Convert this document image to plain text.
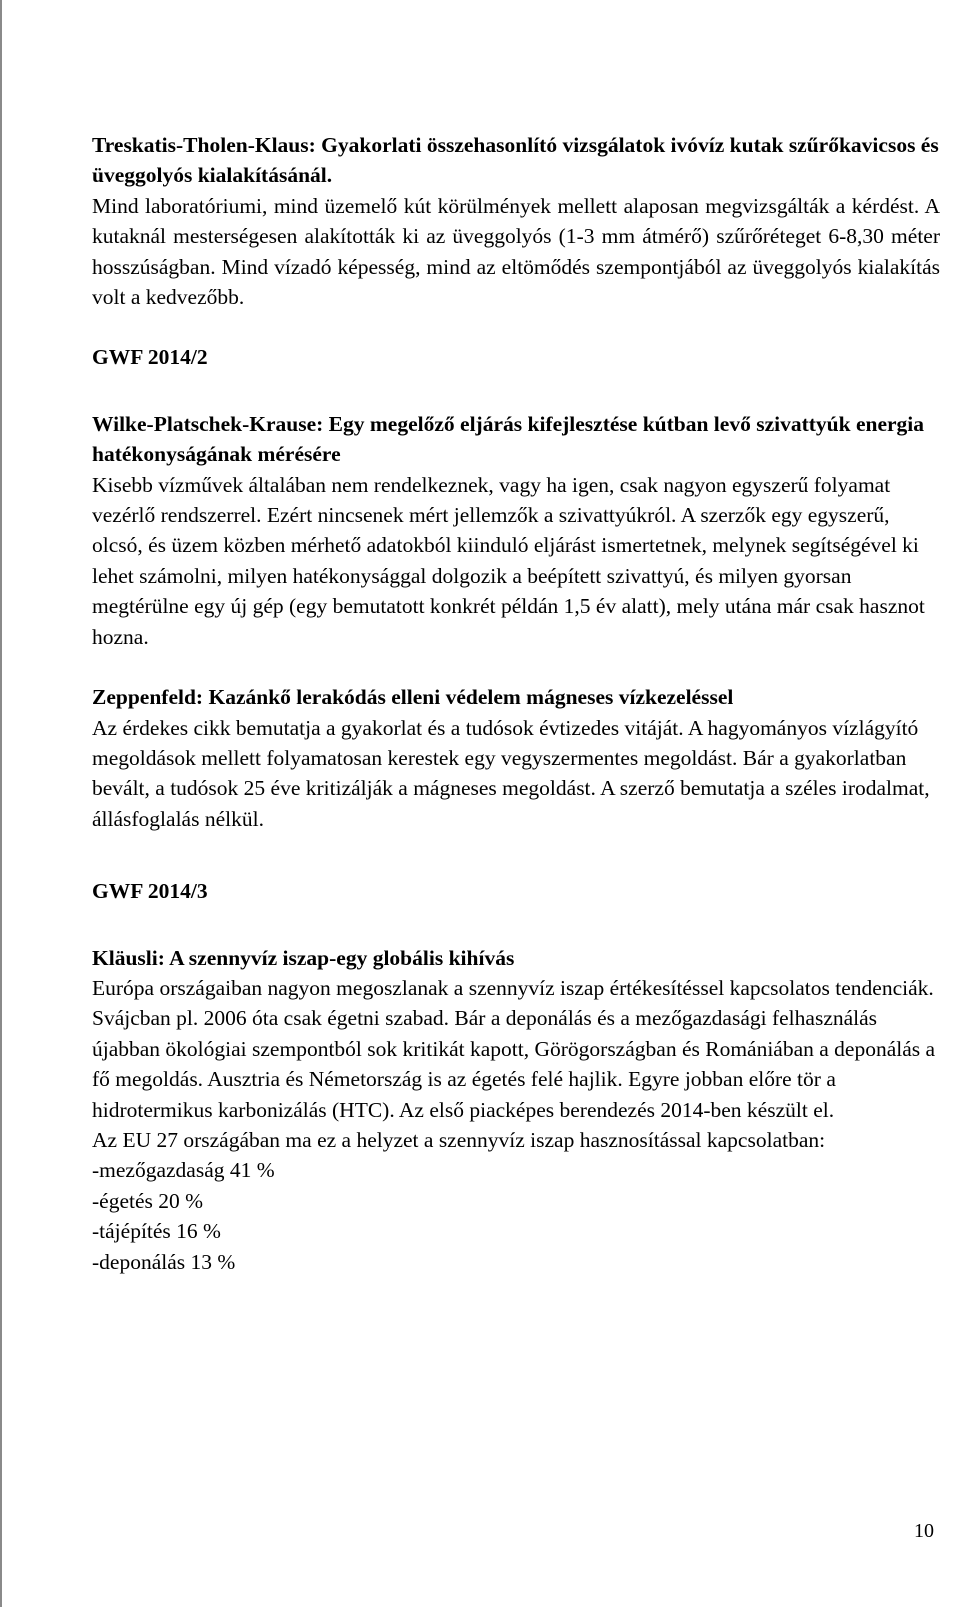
Treskatis-Tholen-Klaus: Gyakorlati összehasonlító vizsgálatok ivóvíz kutak szűrőkavicsos és üveggolyós kialakításánál.

Mind laboratóriumi, mind üzemelő kút körülmények mellett alaposan megvizsgálták a kérdést. A kutaknál mesterségesen alakították ki az üveggolyós (1-3 mm átmérő) szűrőréteget 6-8,30 méter hosszúságban. Mind vízadó képesség, mind az eltömődés szempontjából az üveggolyós kialakítás volt a kedvezőbb.

GWF 2014/2

Wilke-Platschek-Krause: Egy megelőző eljárás kifejlesztése kútban levő szivattyúk energia hatékonyságának mérésére

Kisebb vízművek általában nem rendelkeznek, vagy ha igen, csak nagyon egyszerű folyamat vezérlő rendszerrel. Ezért nincsenek mért jellemzők a szivattyúkról. A szerzők egy egyszerű, olcsó, és üzem közben mérhető adatokból kiinduló eljárást ismertetnek, melynek segítségével ki lehet számolni, milyen hatékonysággal dolgozik a beépített szivattyú, és milyen gyorsan megtérülne egy új gép (egy bemutatott konkrét példán 1,5 év alatt), mely utána már csak hasznot hozna.

Zeppenfeld: Kazánkő lerakódás elleni védelem mágneses vízkezeléssel

Az érdekes cikk bemutatja a gyakorlat és a tudósok évtizedes vitáját. A hagyományos vízlágyító megoldások mellett folyamatosan kerestek egy vegyszermentes megoldást. Bár a gyakorlatban bevált, a tudósok 25 éve kritizálják a mágneses megoldást. A szerző bemutatja a széles irodalmat, állásfoglalás nélkül.

GWF 2014/3

Kläusli: A szennyvíz iszap-egy globális kihívás

Európa országaiban nagyon megoszlanak a szennyvíz iszap értékesítéssel kapcsolatos tendenciák. Svájcban pl. 2006 óta csak égetni szabad. Bár a deponálás és a mezőgazdasági felhasználás újabban ökológiai szempontból sok kritikát kapott, Görögországban és Romániában a deponálás a fő megoldás. Ausztria és Németország is az égetés felé hajlik. Egyre jobban előre tör a hidrotermikus karbonizálás (HTC). Az első piacképes berendezés 2014-ben készült el.

Az EU 27 országában ma ez a helyzet a szennyvíz iszap hasznosítással kapcsolatban:

-mezőgazdaság 41 %

-égetés 20 %

-tájépítés 16 %

-deponálás 13 %

10
